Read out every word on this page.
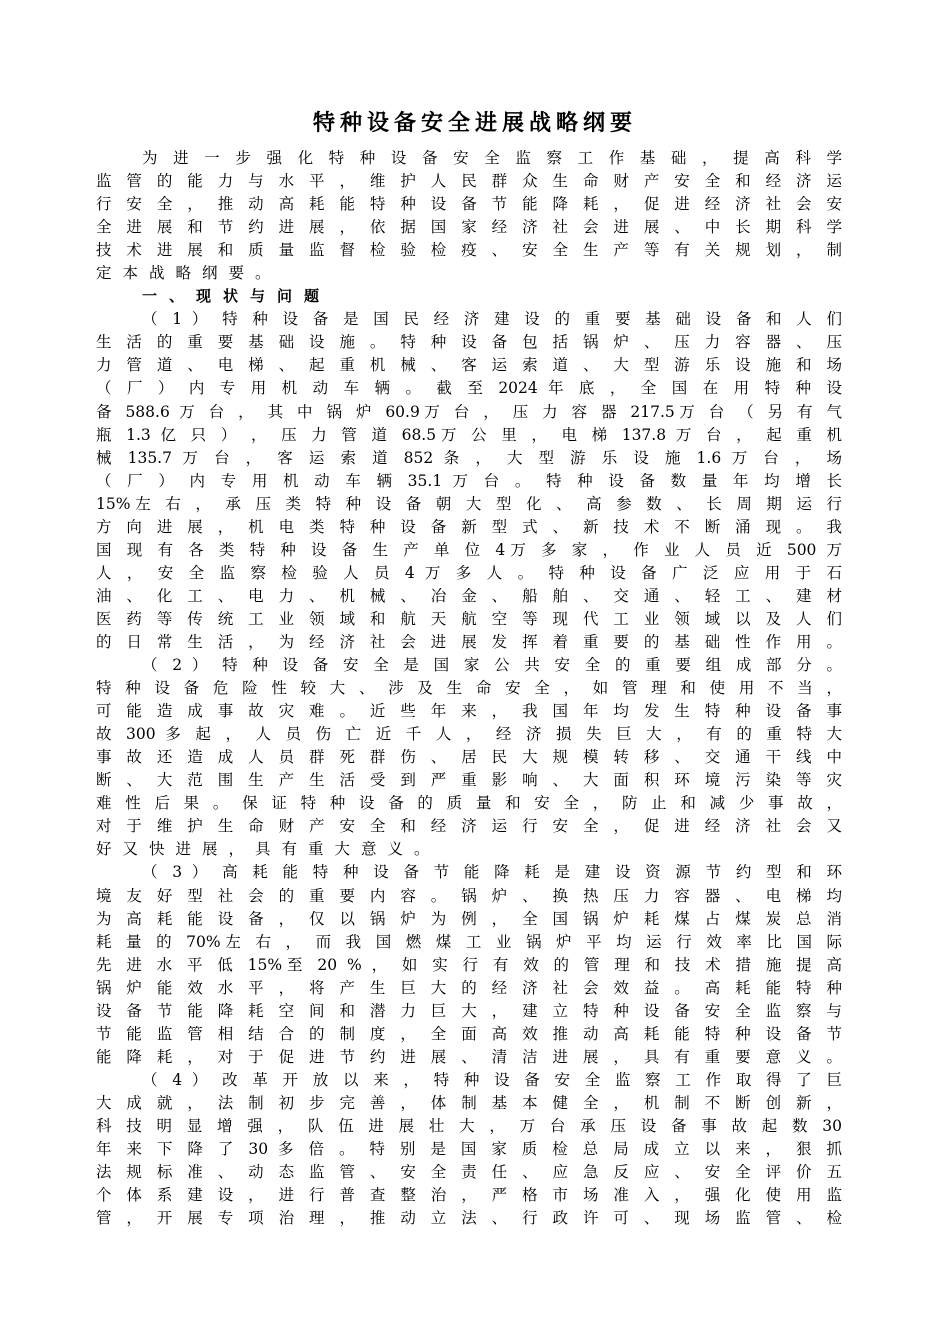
特种设备安全进展战略纲要
为 进 一 步 强 化 特 种 设 备 安 全 监 察 工 作 基 础 ， 提 高 科 学
监 管 的 能 力 与 水 平 ， 维 护 人 民 群 众 生 命 财 产 安 全 和 经 济 运
行 安 全 ， 推 动 高 耗 能 特 种 设 备 节 能 降 耗 ， 促 进 经 济 社 会 安
全 进 展 和 节 约 进 展 ， 依 据 国 家 经 济 社 会 进 展 、 中 长 期 科 学
技 术 进 展 和 质 量 监 督 检 验 检 疫 、 安 全 生 产 等 有 关 规 划 ， 制
定本战略纲要。
一、现状与问题
（ 1 ） 特 种 设 备 是 国 民 经 济 建 设 的 重 要 基 础 设 备 和 人 们
生 活 的 重 要 基 础 设 施 。 特 种 设 备 包 括 锅 炉 、 压 力 容 器 、 压
力 管 道 、 电 梯 、 起 重 机 械 、 客 运 索 道 、 大 型 游 乐 设 施 和 场
（ 厂 ） 内 专 用 机 动 车 辆 。 截 至 2024 年 底 ， 全 国 在 用 特 种 设
备 588.6 万 台 ， 其 中 锅 炉 60.9万 台 ， 压 力 容 器 217.5万 台 （ 另 有 气
瓶 1.3 亿 只 ） ， 压 力 管 道 68.5万 公 里 ， 电 梯 137.8 万 台 ， 起 重 机
械 135.7 万 台 ， 客 运 索 道 852 条 ， 大 型 游 乐 设 施 1.6 万 台 ， 场
（ 厂 ） 内 专 用 机 动 车 辆 35.1 万 台 。 特 种 设 备 数 量 年 均 增 长
15%左 右 ， 承 压 类 特 种 设 备 朝 大 型 化 、 高 参 数 、 长 周 期 运 行
方 向 进 展 ， 机 电 类 特 种 设 备 新 型 式 、 新 技 术 不 断 涌 现 。 我
国 现 有 各 类 特 种 设 备 生 产 单 位 4万 多 家 ， 作 业 人 员 近 500 万
人 ， 安 全 监 察 检 验 人 员 4 万 多 人 。 特 种 设 备 广 泛 应 用 于 石
油 、 化 工 、 电 力 、 机 械 、 冶 金 、 船 舶 、 交 通 、 轻 工 、 建 材
医 药 等 传 统 工 业 领 域 和 航 天 航 空 等 现 代 工 业 领 域 以 及 人 们
的 日 常 生 活 ， 为 经 济 社 会 进 展 发 挥 着 重 要 的 基 础 性 作 用 。
（ 2 ） 特 种 设 备 安 全 是 国 家 公 共 安 全 的 重 要 组 成 部 分 。
特 种 设 备 危 险 性 较 大 、 涉 及 生 命 安 全 ， 如 管 理 和 使 用 不 当 ，
可 能 造 成 事 故 灾 难 。 近 些 年 来 ， 我 国 年 均 发 生 特 种 设 备 事
故 300 多 起 ， 人 员 伤 亡 近 千 人 ， 经 济 损 失 巨 大 ， 有 的 重 特 大
事 故 还 造 成 人 员 群 死 群 伤 、 居 民 大 规 模 转 移 、 交 通 干 线 中
断 、 大 范 围 生 产 生 活 受 到 严 重 影 响 、 大 面 积 环 境 污 染 等 灾
难 性 后 果 。 保 证 特 种 设 备 的 质 量 和 安 全 ， 防 止 和 减 少 事 故 ，
对 于 维 护 生 命 财 产 安 全 和 经 济 运 行 安 全 ， 促 进 经 济 社 会 又
好又快进展，具有重大意义。
（ 3 ） 高 耗 能 特 种 设 备 节 能 降 耗 是 建 设 资 源 节 约 型 和 环
境 友 好 型 社 会 的 重 要 内 容 。 锅 炉 、 换 热 压 力 容 器 、 电 梯 均
为 高 耗 能 设 备 ， 仅 以 锅 炉 为 例 ， 全 国 锅 炉 耗 煤 占 煤 炭 总 消
耗 量 的 70%左 右 ， 而 我 国 燃 煤 工 业 锅 炉 平 均 运 行 效 率 比 国 际
先 进 水 平 低 15%至 20 % ， 如 实 行 有 效 的 管 理 和 技 术 措 施 提 高
锅 炉 能 效 水 平 ， 将 产 生 巨 大 的 经 济 社 会 效 益 。 高 耗 能 特 种
设 备 节 能 降 耗 空 间 和 潜 力 巨 大 ， 建 立 特 种 设 备 安 全 监 察 与
节 能 监 管 相 结 合 的 制 度 ， 全 面 高 效 推 动 高 耗 能 特 种 设 备 节
能 降 耗 ， 对 于 促 进 节 约 进 展 、 清 洁 进 展 ， 具 有 重 要 意 义 。
（ 4 ） 改 革 开 放 以 来 ， 特 种 设 备 安 全 监 察 工 作 取 得 了 巨
大 成 就 ， 法 制 初 步 完 善 ， 体 制 基 本 健 全 ， 机 制 不 断 创 新 ，
科 技 明 显 增 强 ， 队 伍 进 展 壮 大 ， 万 台 承 压 设 备 事 故 起 数 30
年 来 下 降 了 30 多 倍 。 特 别 是 国 家 质 检 总 局 成 立 以 来 ， 狠 抓
法 规 标 准 、 动 态 监 管 、 安 全 责 任 、 应 急 反 应 、 安 全 评 价 五
个 体 系 建 设 ， 进 行 普 查 整 治 ， 严 格 市 场 准 入 ， 强 化 使 用 监
管 ， 开 展 专 项 治 理 ， 推 动 立 法 、 行 政 许 可 、 现 场 监 管 、 检
